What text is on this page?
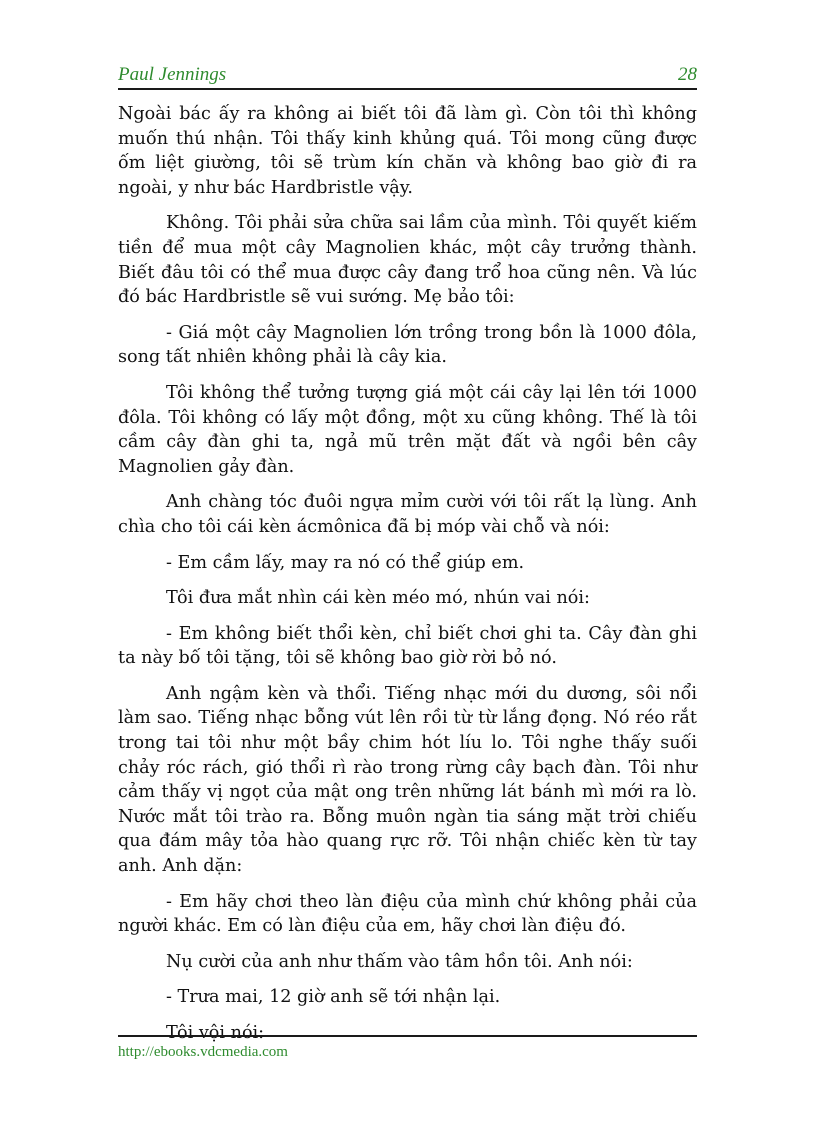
Paul Jennings	28

Ngoài bác ấy ra không ai biết tôi đã làm gì. Còn tôi thì không muốn thú nhận. Tôi thấy kinh khủng quá. Tôi mong cũng được ốm liệt giường, tôi sẽ trùm kín chăn và không bao giờ đi ra ngoài, y như bác Hardbristle vậy.

Không. Tôi phải sửa chữa sai lầm của mình. Tôi quyết kiếm tiền để mua một cây Magnolien khác, một cây trưởng thành. Biết đâu tôi có thể mua được cây đang trổ hoa cũng nên. Và lúc đó bác Hardbristle sẽ vui sướng. Mẹ bảo tôi:

- Giá một cây Magnolien lớn trồng trong bồn là 1000 đôla, song tất nhiên không phải là cây kia.

Tôi không thể tưởng tượng giá một cái cây lại lên tới 1000 đôla. Tôi không có lấy một đồng, một xu cũng không. Thế là tôi cầm cây đàn ghi ta, ngả mũ trên mặt đất và ngồi bên cây Magnolien gảy đàn.

Anh chàng tóc đuôi ngựa mỉm cười với tôi rất lạ lùng. Anh chìa cho tôi cái kèn ácmônica đã bị móp vài chỗ và nói:

- Em cầm lấy, may ra nó có thể giúp em.

Tôi đưa mắt nhìn cái kèn méo mó, nhún vai nói:

- Em không biết thổi kèn, chỉ biết chơi ghi ta. Cây đàn ghi ta này bố tôi tặng, tôi sẽ không bao giờ rời bỏ nó.

Anh ngậm kèn và thổi. Tiếng nhạc mới du dương, sôi nổi làm sao. Tiếng nhạc bỗng vút lên rồi từ từ lắng đọng. Nó réo rắt trong tai tôi như một bầy chim hót líu lo. Tôi nghe thấy suối chảy róc rách, gió thổi rì rào trong rừng cây bạch đàn. Tôi như cảm thấy vị ngọt của mật ong trên những lát bánh mì mới ra lò. Nước mắt tôi trào ra. Bỗng muôn ngàn tia sáng mặt trời chiếu qua đám mây tỏa hào quang rực rỡ. Tôi nhận chiếc kèn từ tay anh. Anh dặn:

- Em hãy chơi theo làn điệu của mình chứ không phải của người khác. Em có làn điệu của em, hãy chơi làn điệu đó.

Nụ cười của anh như thấm vào tâm hồn tôi. Anh nói:

- Trưa mai, 12 giờ anh sẽ tới nhận lại.

Tôi vội nói:

http://ebooks.vdcmedia.com
